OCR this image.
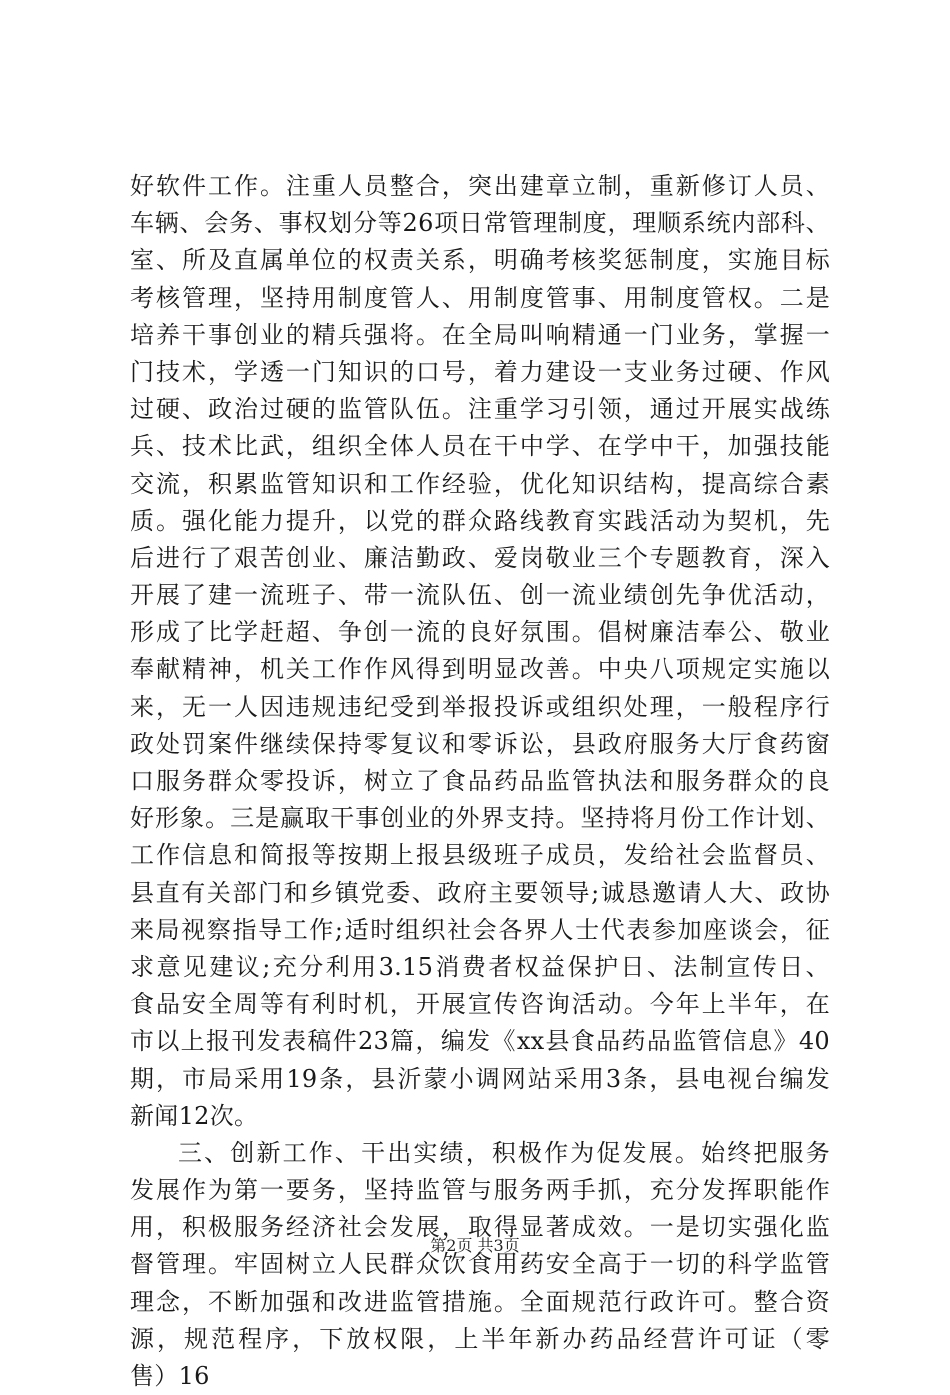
好软件工作。注重人员整合，突出建章立制，重新修订人员、
车辆、会务、事权划分等26项日常管理制度，理顺系统内部科、
室、所及直属单位的权责关系，明确考核奖惩制度，实施目标
考核管理，坚持用制度管人、用制度管事、用制度管权。二是
培养干事创业的精兵强将。在全局叫响精通一门业务，掌握一
门技术，学透一门知识的口号，着力建设一支业务过硬、作风
过硬、政治过硬的监管队伍。注重学习引领，通过开展实战练
兵、技术比武，组织全体人员在干中学、在学中干，加强技能
交流，积累监管知识和工作经验，优化知识结构，提高综合素
质。强化能力提升，以党的群众路线教育实践活动为契机，先
后进行了艰苦创业、廉洁勤政、爱岗敬业三个专题教育，深入
开展了建一流班子、带一流队伍、创一流业绩创先争优活动，
形成了比学赶超、争创一流的良好氛围。倡树廉洁奉公、敬业
奉献精神，机关工作作风得到明显改善。中央八项规定实施以
来，无一人因违规违纪受到举报投诉或组织处理，一般程序行
政处罚案件继续保持零复议和零诉讼，县政府服务大厅食药窗
口服务群众零投诉，树立了食品药品监管执法和服务群众的良
好形象。三是赢取干事创业的外界支持。坚持将月份工作计划、
工作信息和简报等按期上报县级班子成员，发给社会监督员、
县直有关部门和乡镇党委、政府主要领导;诚恳邀请人大、政协
来局视察指导工作;适时组织社会各界人士代表参加座谈会，征
求意见建议;充分利用3.15消费者权益保护日、法制宣传日、
食品安全周等有利时机，开展宣传咨询活动。今年上半年，在
市以上报刊发表稿件23篇，编发《xx县食品药品监管信息》40
期，市局采用19条，县沂蒙小调网站采用3条，县电视台编发
新闻12次。
三、创新工作、干出实绩，积极作为促发展。始终把服务
发展作为第一要务，坚持监管与服务两手抓，充分发挥职能作
用，积极服务经济社会发展，取得显著成效。一是切实强化监
督管理。牢固树立人民群众饮食用药安全高于一切的科学监管
理念，不断加强和改进监管措施。全面规范行政许可。整合资
源，规范程序，下放权限，上半年新办药品经营许可证（零
售）16
第2页 共3页
